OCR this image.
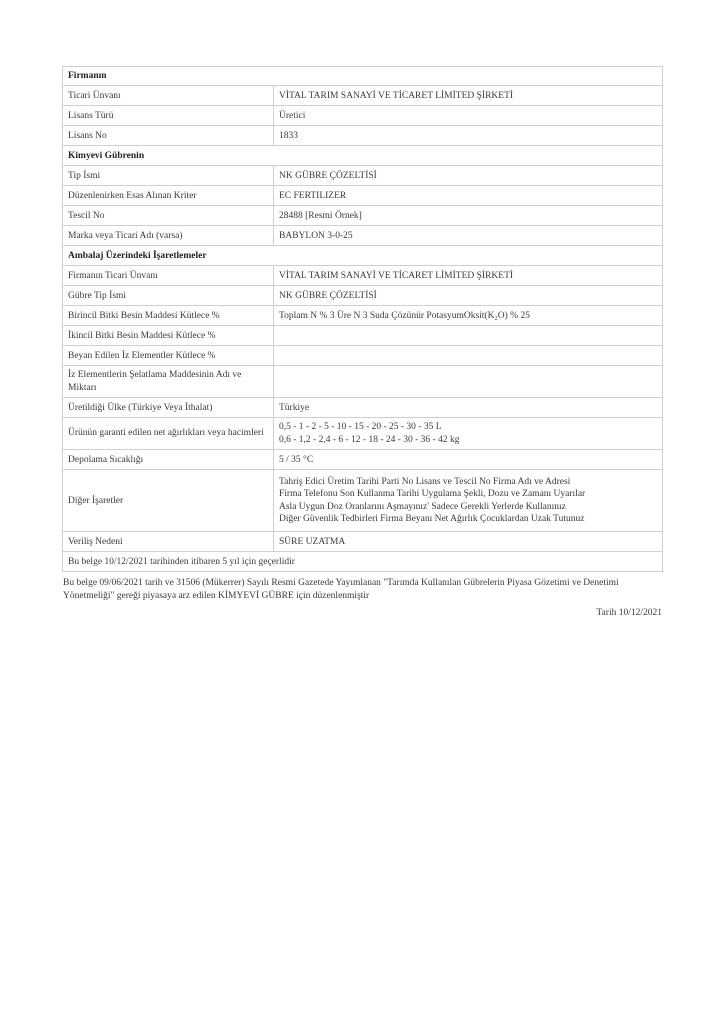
Firmanın	
Ticari Ünvanı	VİTAL TARIM SANAYİ VE TİCARET LİMİTED ŞİRKETİ
Lisans Türü	Üretici
Lisans No	1833
Kimyevi Gübrenin	
Tip İsmi	NK GÜBRE ÇÖZELTİSİ
Düzenlenirken Esas Alınan Kriter	EC FERTILIZER
Tescil No	28488 [Resmi Örnek]
Marka veya Ticari Adı (varsa)	BABYLON 3-0-25
Ambalaj Üzerindeki İşaretlemeler	
Firmanın Ticari Ünvanı	VİTAL TARIM SANAYİ VE TİCARET LİMİTED ŞİRKETİ
Gübre Tip İsmi	NK GÜBRE ÇÖZELTİSİ
Birincil Bitki Besin Maddesi Kütlece %	Toplam N % 3 Üre N 3 Suda Çözünür PotasyumOksit(K₂O) % 25
İkincil Bitki Besin Maddesi Kütlece %	
Beyan Edilen İz Elementler Kütlece %	
İz Elementlerin Şelatlama Maddesinin Adı ve Miktarı	
Üretildiği Ülke (Türkiye Veya İthalat)	Türkiye
Ürünün garanti edilen net ağırlıkları veya hacimleri	0,5 - 1 - 2 - 5 - 10 - 15 - 20 - 25 - 30 - 35 L
0,6 - 1,2 - 2,4 - 6 - 12 - 18 - 24 - 30 - 36 - 42 kg

Depolama Sıcaklığı	5 / 35 °C
Diğer İşaretler	Tahriş Edici Üretim Tarihi Parti No Lisans ve Tescil No Firma Adı ve Adresi
Firma Telefonu Son Kullanma Tarihi Uygulama Şekli, Dozu ve Zamanı Uyarılar
Asla Uygun Doz Oranlarını Aşmayınız' Sadece Gerekli Yerlerde Kullanınız
Diğer Güvenlik Tedbirleri Firma Beyanı Net Ağırlık Çocuklardan Uzak Tutunuz

Veriliş Nedeni	SÜRE UZATMA
Bu belge 10/12/2021 tarihinden itibaren 5 yıl için geçerlidir	
Bu belge 09/06/2021 tarih ve 31506 (Mükerrer) Sayılı Resmi Gazetede Yayımlanan "Tarımda Kullanılan Gübrelerin Piyasa Gözetimi ve Denetimi Yönetmeliği" gereği piyasaya arz edilen KİMYEVİ GÜBRE için düzenlenmiştir
Tarih 10/12/2021
